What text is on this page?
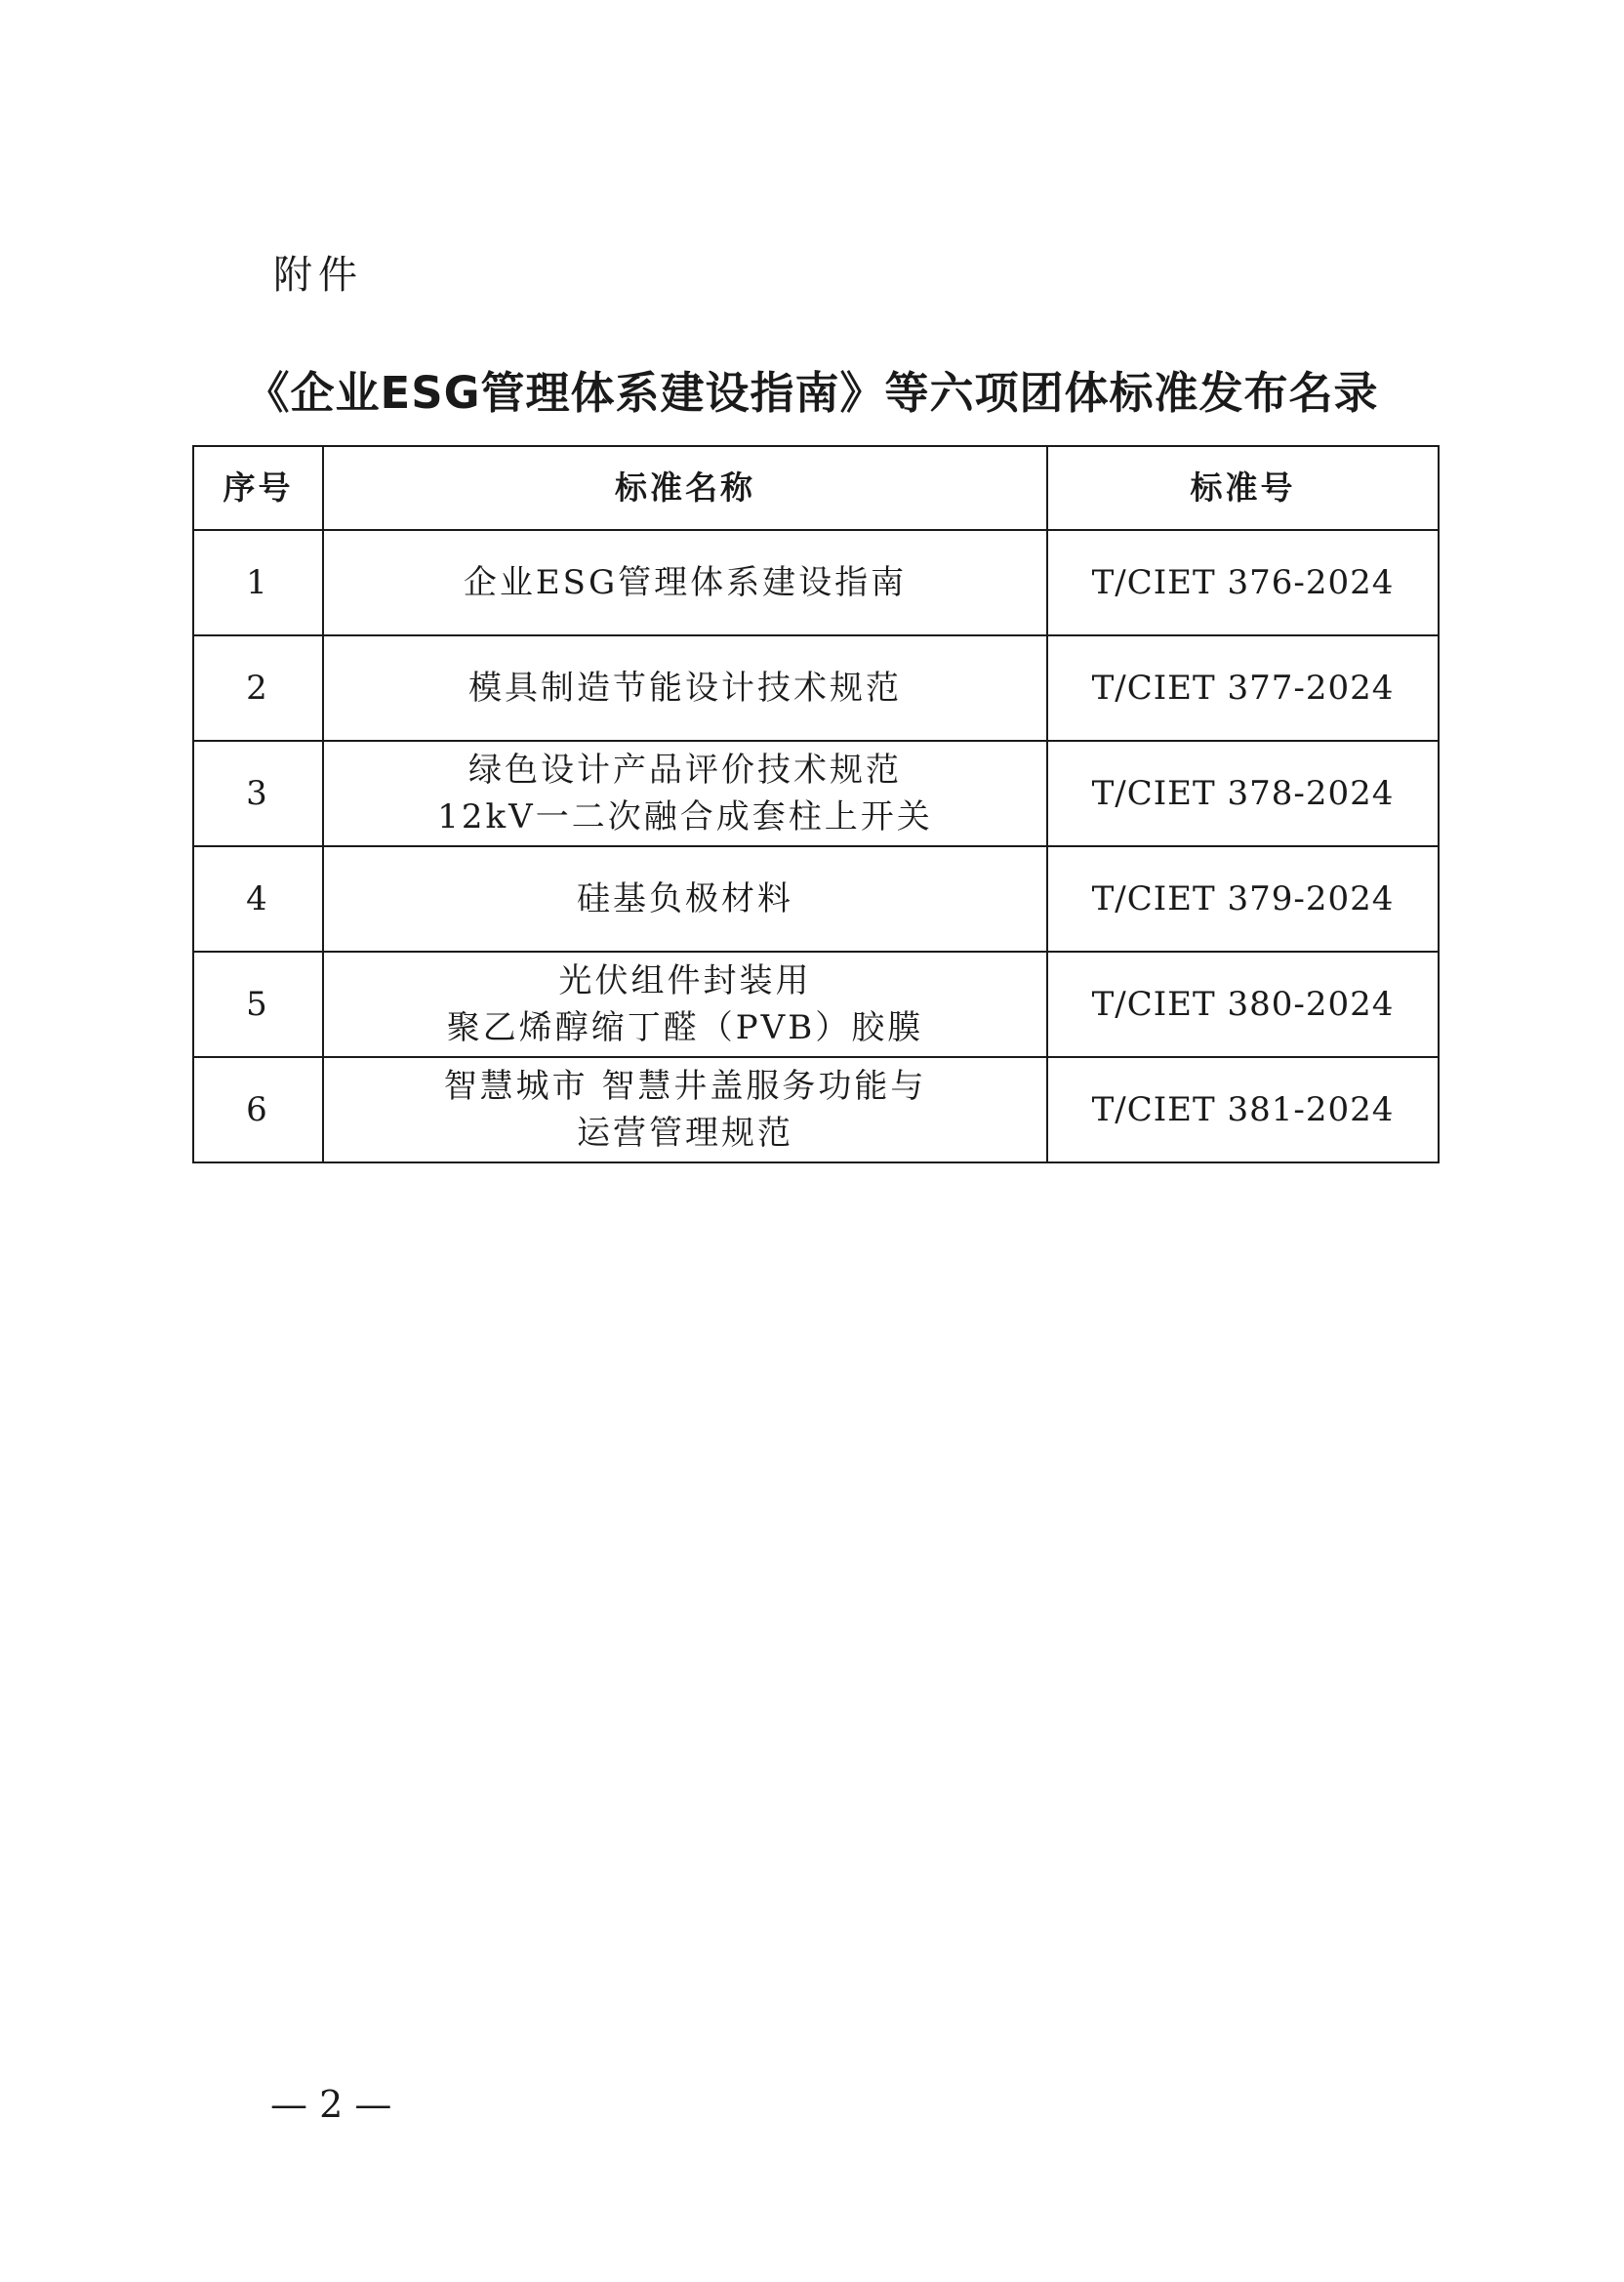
附件
《企业ESG管理体系建设指南》等六项团体标准发布名录
序号	标准名称	标准号
1	企业ESG管理体系建设指南	T/CIET 376-2024
2	模具制造节能设计技术规范	T/CIET 377-2024
3	绿色设计产品评价技术规范
12kV一二次融合成套柱上开关	T/CIET 378-2024
4	硅基负极材料	T/CIET 379-2024
5	光伏组件封装用
聚乙烯醇缩丁醛（PVB）胶膜	T/CIET 380-2024
6	智慧城市 智慧井盖服务功能与
运营管理规范	T/CIET 381-2024
— 2 —
